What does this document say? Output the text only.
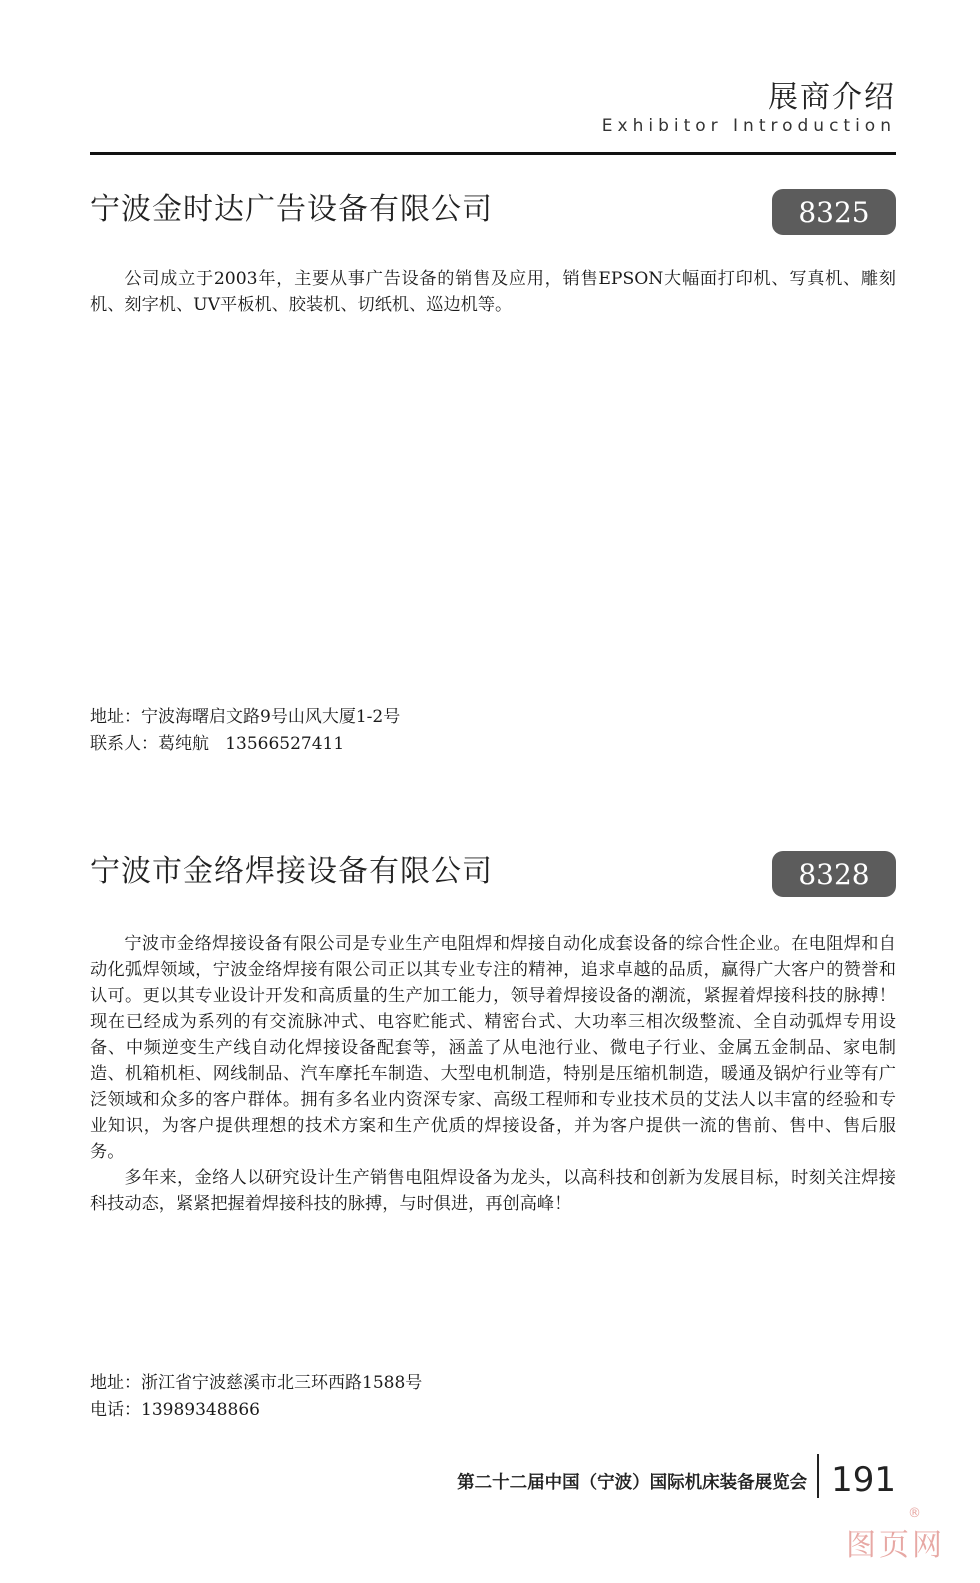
展商介绍
Exhibitor Introduction
宁波金时达广告设备有限公司	8325

公司成立于2003年，主要从事广告设备的销售及应用，销售EPSON大幅面打印机、写真机、雕刻机、刻字机、UV平板机、胶装机、切纸机、巡边机等。

地址：宁波海曙启文路9号山风大厦1-2号
联系人：葛纯航   13566527411
宁波市金络焊接设备有限公司	8328

宁波市金络焊接设备有限公司是专业生产电阻焊和焊接自动化成套设备的综合性企业。在电阻焊和自动化弧焊领域，宁波金络焊接有限公司正以其专业专注的精神，追求卓越的品质，赢得广大客户的赞誉和认可。更以其专业设计开发和高质量的生产加工能力，领导着焊接设备的潮流，紧握着焊接科技的脉搏！现在已经成为系列的有交流脉冲式、电容贮能式、精密台式、大功率三相次级整流、全自动弧焊专用设备、中频逆变生产线自动化焊接设备配套等，涵盖了从电池行业、微电子行业、金属五金制品、家电制造、机箱机柜、网线制品、汽车摩托车制造、大型电机制造，特别是压缩机制造，暖通及锅炉行业等有广泛领域和众多的客户群体。拥有多名业内资深专家、高级工程师和专业技术员的艾法人以丰富的经验和专业知识，为客户提供理想的技术方案和生产优质的焊接设备，并为客户提供一流的售前、售中、售后服务。

多年来，金络人以研究设计生产销售电阻焊设备为龙头，以高科技和创新为发展目标，时刻关注焊接科技动态，紧紧把握着焊接科技的脉搏，与时俱进，再创高峰！

地址：浙江省宁波慈溪市北三环西路1588号
电话：13989348866
第二十二届中国（宁波）国际机床装备展览会 191
图页网
®
